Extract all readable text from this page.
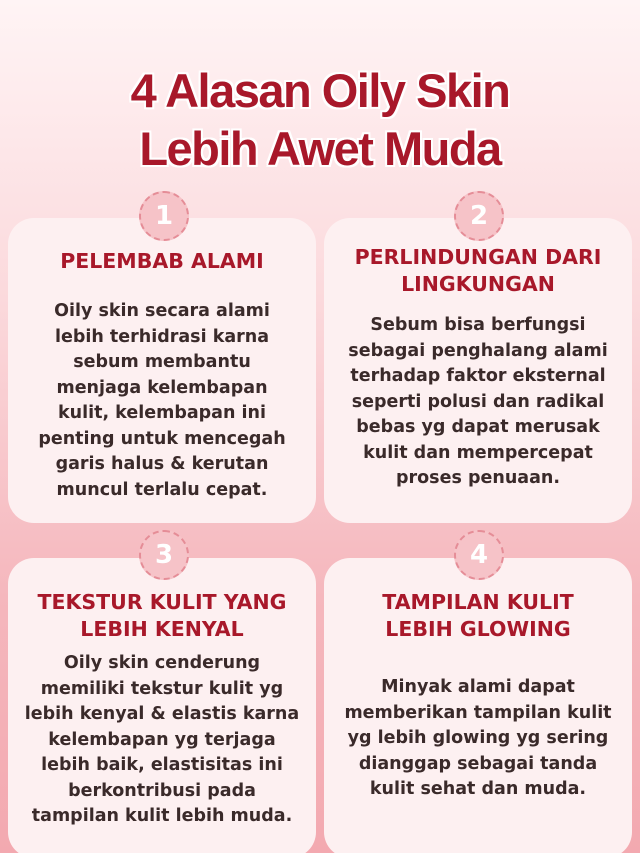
4 Alasan Oily Skin
Lebih Awet Muda
1
PELEMBAB ALAMI
Oily skin secara alami
lebih terhidrasi karna
sebum membantu
menjaga kelembapan
kulit, kelembapan ini
penting untuk mencegah
garis halus & kerutan
muncul terlalu cepat.
2
PERLINDUNGAN DARI
LINGKUNGAN
Sebum bisa berfungsi
sebagai penghalang alami
terhadap faktor eksternal
seperti polusi dan radikal
bebas yg dapat merusak
kulit dan mempercepat
proses penuaan.
3
TEKSTUR KULIT YANG
LEBIH KENYAL
Oily skin cenderung
memiliki tekstur kulit yg
lebih kenyal & elastis karna
kelembapan yg terjaga
lebih baik, elastisitas ini
berkontribusi pada
tampilan kulit lebih muda.
4
TAMPILAN KULIT
LEBIH GLOWING
Minyak alami dapat
memberikan tampilan kulit
yg lebih glowing yg sering
dianggap sebagai tanda
kulit sehat dan muda.
